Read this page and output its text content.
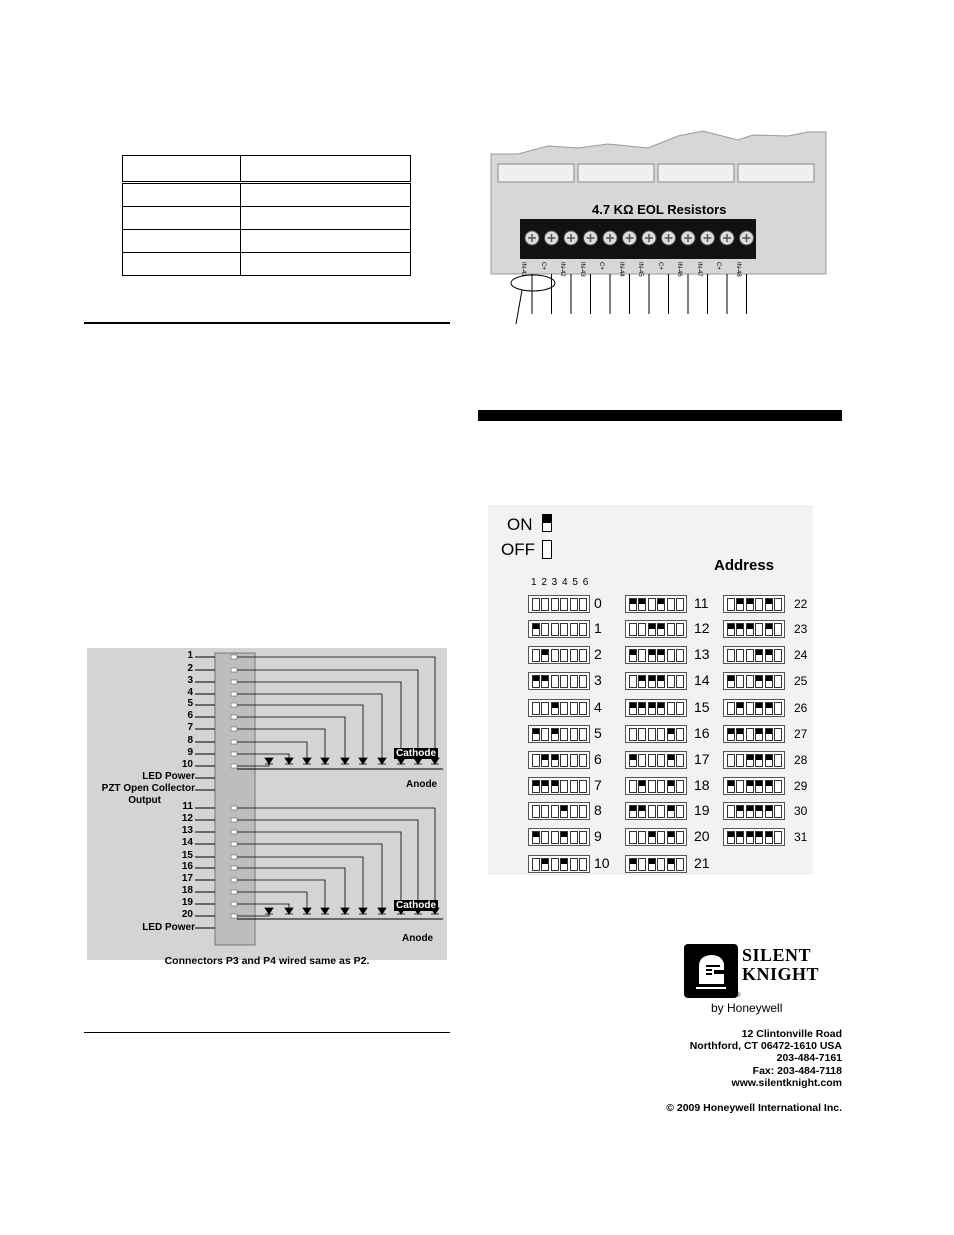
1
2
3
4
5
6
7
8
9
10
11
12
13
14
15
16
17
18
19
20
LED Power
PZT Open Collector
Output
LED Power
Cathode
Anode
Cathode
Anode
Connectors P3 and P4 wired same as P2.
4.7 KΩ EOL Resistors
IN-41 C+ IN-42 IN-43 C+ IN-44 IN-45 C+ IN-46 IN-47 C+ IN-48
ON
OFF
Address
1 2 3 4 5 6
0
1
2
3
4
5
6
7
8
9
10
11
12
13
14
15
16
17
18
19
20
21
22
23
24
25
26
27
28
29
30
31
SILENT
KNIGHT
®
by Honeywell
12 Clintonville Road
Northford, CT 06472-1610 USA
203-484-7161
Fax: 203-484-7118
www.silentknight.com
© 2009 Honeywell International Inc.
